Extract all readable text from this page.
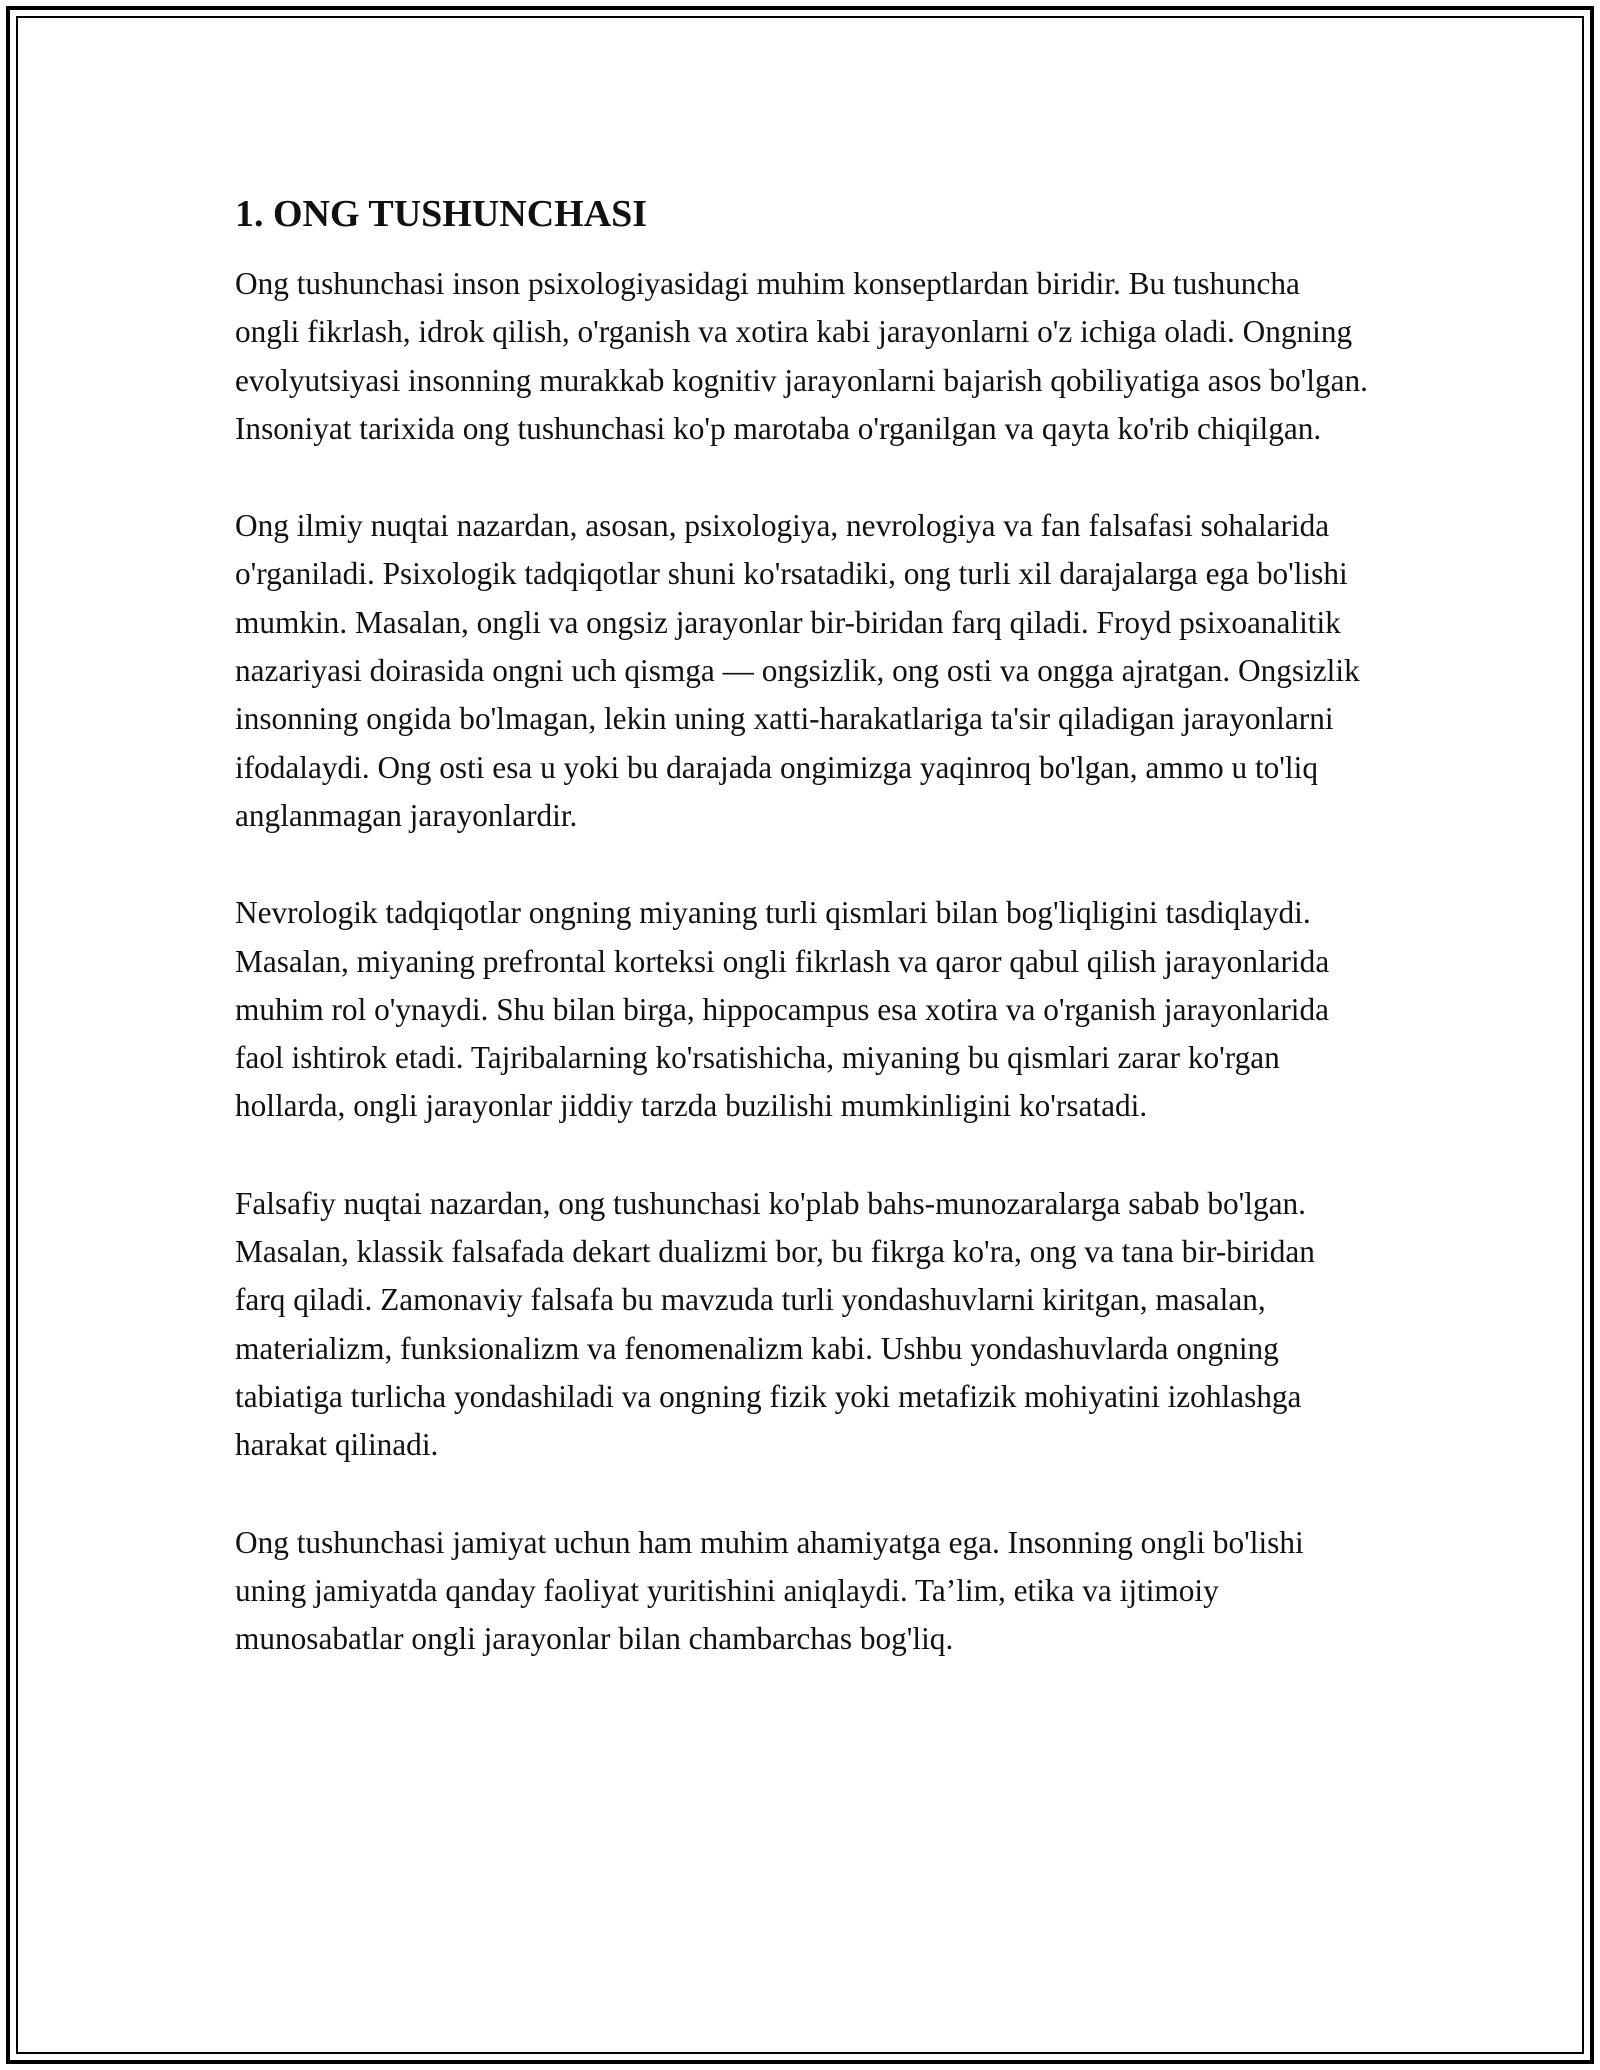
1. ONG TUSHUNCHASI

Ong tushunchasi inson psixologiyasidagi muhim konseptlardan biridir. Bu tushuncha ongli fikrlash, idrok qilish, o'rganish va xotira kabi jarayonlarni o'z ichiga oladi. Ongning evolyutsiyasi insonning murakkab kognitiv jarayonlarni bajarish qobiliyatiga asos bo'lgan. Insoniyat tarixida ong tushunchasi ko'p marotaba o'rganilgan va qayta ko'rib chiqilgan.

Ong ilmiy nuqtai nazardan, asosan, psixologiya, nevrologiya va fan falsafasi sohalarida o'rganiladi. Psixologik tadqiqotlar shuni ko'rsatadiki, ong turli xil darajalarga ega bo'lishi mumkin. Masalan, ongli va ongsiz jarayonlar bir-biridan farq qiladi. Froyd psixoanalitik nazariyasi doirasida ongni uch qismga — ongsizlik, ong osti va ongga ajratgan. Ongsizlik insonning ongida bo'lmagan, lekin uning xatti-harakatlariga ta'sir qiladigan jarayonlarni ifodalaydi. Ong osti esa u yoki bu darajada ongimizga yaqinroq bo'lgan, ammo u to'liq anglanmagan jarayonlardir.

Nevrologik tadqiqotlar ongning miyaning turli qismlari bilan bog'liqligini tasdiqlaydi. Masalan, miyaning prefrontal korteksi ongli fikrlash va qaror qabul qilish jarayonlarida muhim rol o'ynaydi. Shu bilan birga, hippocampus esa xotira va o'rganish jarayonlarida faol ishtirok etadi. Tajribalarning ko'rsatishicha, miyaning bu qismlari zarar ko'rgan hollarda, ongli jarayonlar jiddiy tarzda buzilishi mumkinligini ko'rsatadi.

Falsafiy nuqtai nazardan, ong tushunchasi ko'plab bahs-munozaralarga sabab bo'lgan. Masalan, klassik falsafada dekart dualizmi bor, bu fikrga ko'ra, ong va tana bir-biridan farq qiladi. Zamonaviy falsafa bu mavzuda turli yondashuvlarni kiritgan, masalan, materializm, funksionalizm va fenomenalizm kabi. Ushbu yondashuvlarda ongning tabiatiga turlicha yondashiladi va ongning fizik yoki metafizik mohiyatini izohlashga harakat qilinadi.

Ong tushunchasi jamiyat uchun ham muhim ahamiyatga ega. Insonning ongli bo'lishi uning jamiyatda qanday faoliyat yuritishini aniqlaydi. Ta’lim, etika va ijtimoiy munosabatlar ongli jarayonlar bilan chambarchas bog'liq.
